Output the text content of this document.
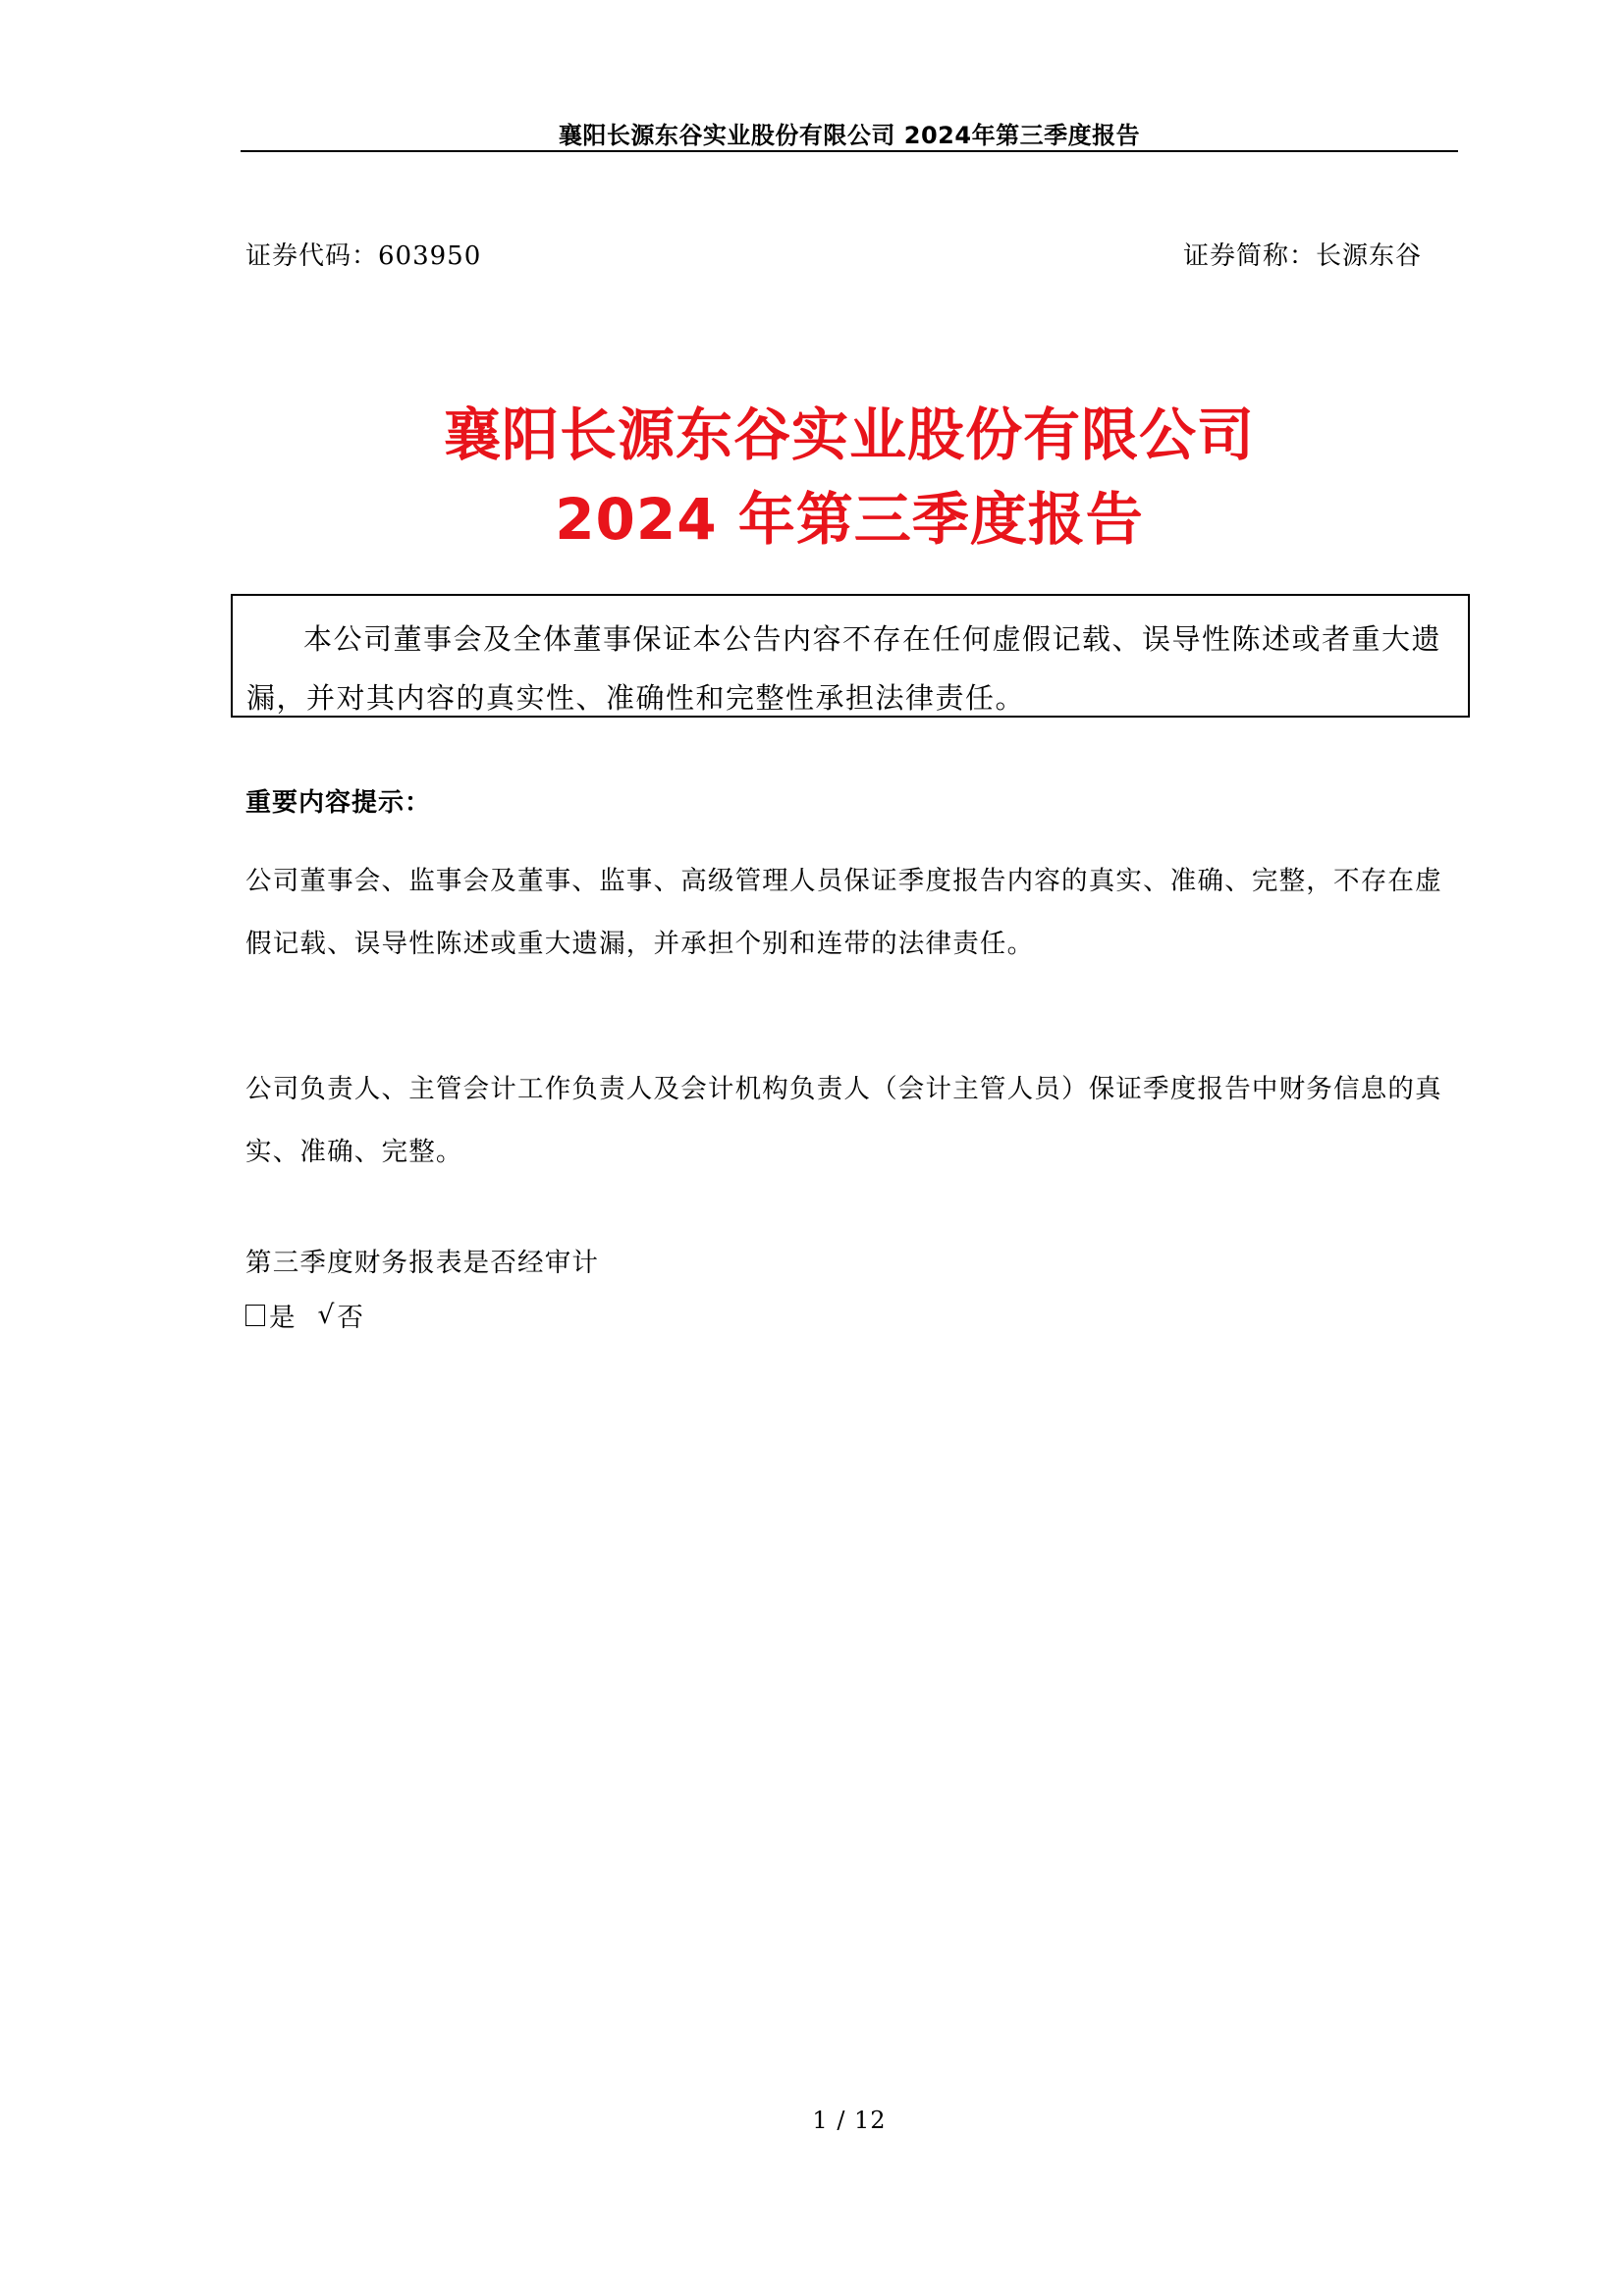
襄阳长源东谷实业股份有限公司 2024年第三季度报告
证券代码：603950	证券简称：长源东谷
襄阳长源东谷实业股份有限公司
2024 年第三季度报告
本公司董事会及全体董事保证本公告内容不存在任何虚假记载、误导性陈述或者重大遗漏，并对其内容的真实性、准确性和完整性承担法律责任。
重要内容提示：
公司董事会、监事会及董事、监事、高级管理人员保证季度报告内容的真实、准确、完整，不存在虚假记载、误导性陈述或重大遗漏，并承担个别和连带的法律责任。
公司负责人、主管会计工作负责人及会计机构负责人（会计主管人员）保证季度报告中财务信息的真实、准确、完整。
第三季度财务报表是否经审计
是 √ 否
1 / 12
